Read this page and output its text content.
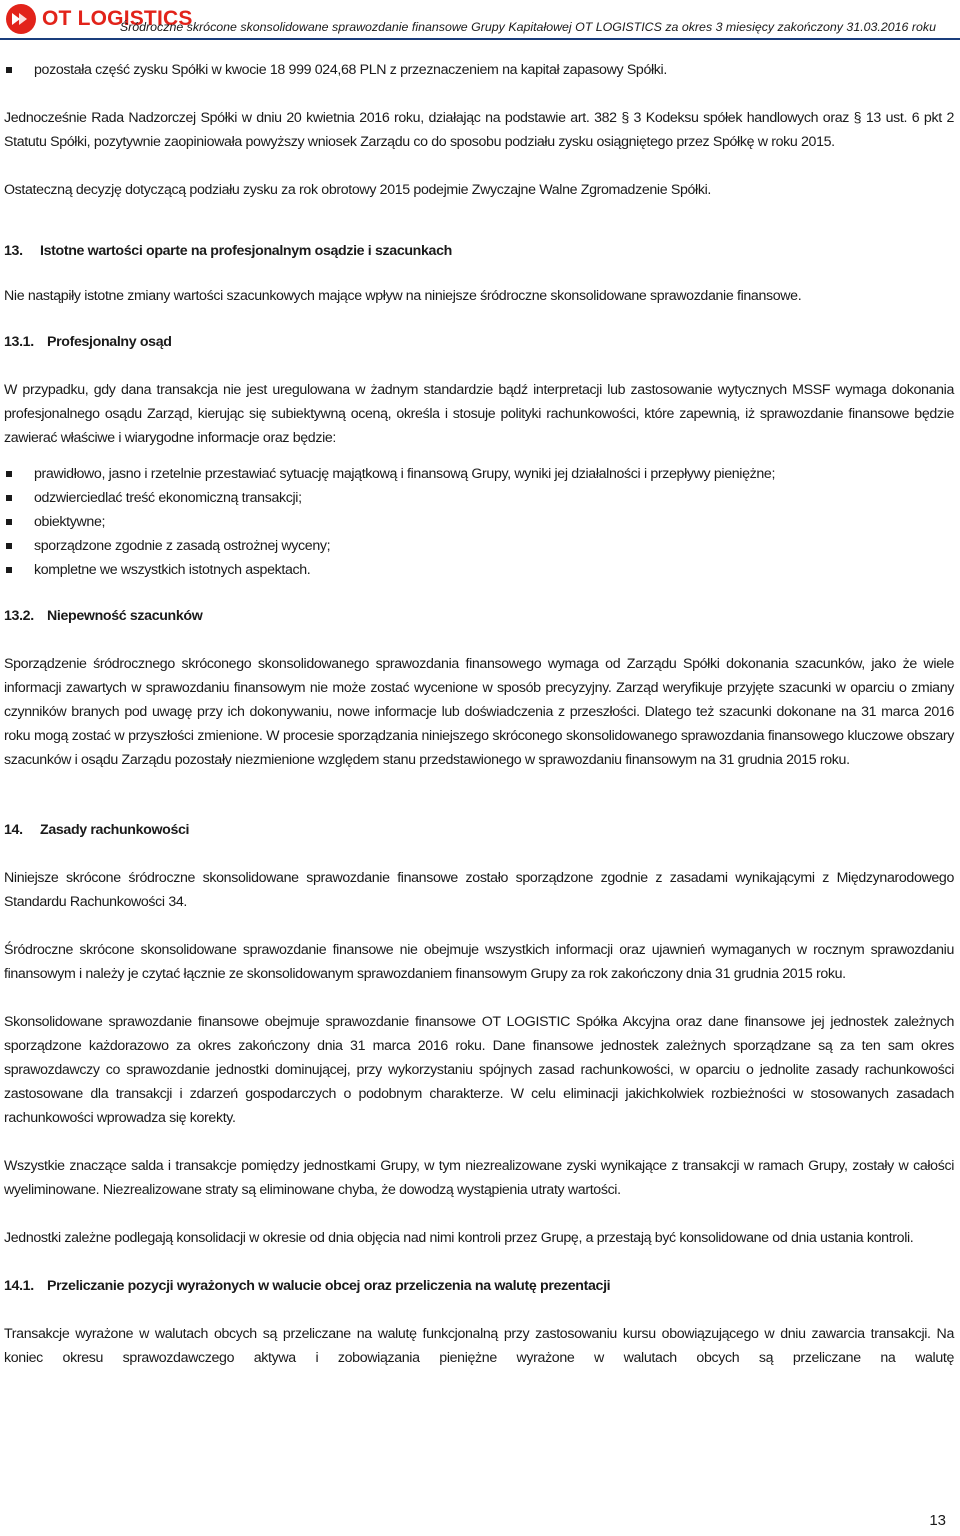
OT LOGISTICS
Śródroczne skrócone skonsolidowane sprawozdanie finansowe Grupy Kapitałowej OT LOGISTICS za okres 3 miesięcy zakończony 31.03.2016 roku
pozostała część zysku Spółki w kwocie 18 999 024,68 PLN z przeznaczeniem na kapitał zapasowy Spółki.

Jednocześnie Rada Nadzorczej Spółki w dniu 20 kwietnia 2016 roku, działając na podstawie art. 382 § 3 Kodeksu spółek handlowych oraz § 13 ust. 6 pkt 2 Statutu Spółki, pozytywnie zaopiniowała powyższy wniosek Zarządu co do sposobu podziału zysku osiągniętego przez Spółkę w roku 2015.

Ostateczną decyzję dotyczącą podziału zysku za rok obrotowy 2015 podejmie Zwyczajne Walne Zgromadzenie Spółki.

13. Istotne wartości oparte na profesjonalnym osądzie i szacunkach

Nie nastąpiły istotne zmiany wartości szacunkowych mające wpływ na niniejsze śródroczne skonsolidowane sprawozdanie finansowe.

13.1. Profesjonalny osąd

W przypadku, gdy dana transakcja nie jest uregulowana w żadnym standardzie bądź interpretacji lub zastosowanie wytycznych MSSF wymaga dokonania profesjonalnego osądu Zarząd, kierując się subiektywną oceną, określa i stosuje polityki rachunkowości, które zapewnią, iż sprawozdanie finansowe będzie zawierać właściwe i wiarygodne informacje oraz będzie:

prawidłowo, jasno i rzetelnie przestawiać sytuację majątkową i finansową Grupy, wyniki jej działalności i przepływy pieniężne;
odzwierciedlać treść ekonomiczną transakcji;
obiektywne;
sporządzone zgodnie z zasadą ostrożnej wyceny;
kompletne we wszystkich istotnych aspektach.

13.2. Niepewność szacunków

Sporządzenie śródrocznego skróconego skonsolidowanego sprawozdania finansowego wymaga od Zarządu Spółki dokonania szacunków, jako że wiele informacji zawartych w sprawozdaniu finansowym nie może zostać wycenione w sposób precyzyjny. Zarząd weryfikuje przyjęte szacunki w oparciu o zmiany czynników branych pod uwagę przy ich dokonywaniu, nowe informacje lub doświadczenia z przeszłości. Dlatego też szacunki dokonane na 31 marca 2016 roku mogą zostać w przyszłości zmienione. W procesie sporządzania niniejszego skróconego skonsolidowanego sprawozdania finansowego kluczowe obszary szacunków i osądu Zarządu pozostały niezmienione względem stanu przedstawionego w sprawozdaniu finansowym na 31 grudnia 2015 roku.

14. Zasady rachunkowości

Niniejsze skrócone śródroczne skonsolidowane sprawozdanie finansowe zostało sporządzone zgodnie z zasadami wynikającymi z Międzynarodowego Standardu Rachunkowości 34.

Śródroczne skrócone skonsolidowane sprawozdanie finansowe nie obejmuje wszystkich informacji oraz ujawnień wymaganych w rocznym sprawozdaniu finansowym i należy je czytać łącznie ze skonsolidowanym sprawozdaniem finansowym Grupy za rok zakończony dnia 31 grudnia 2015 roku.

Skonsolidowane sprawozdanie finansowe obejmuje sprawozdanie finansowe OT LOGISTIC Spółka Akcyjna oraz dane finansowe jej jednostek zależnych sporządzone każdorazowo za okres zakończony dnia 31 marca 2016 roku. Dane finansowe jednostek zależnych sporządzane są za ten sam okres sprawozdawczy co sprawozdanie jednostki dominującej, przy wykorzystaniu spójnych zasad rachunkowości, w oparciu o jednolite zasady rachunkowości zastosowane dla transakcji i zdarzeń gospodarczych o podobnym charakterze. W celu eliminacji jakichkolwiek rozbieżności w stosowanych zasadach rachunkowości wprowadza się korekty.

Wszystkie znaczące salda i transakcje pomiędzy jednostkami Grupy, w tym niezrealizowane zyski wynikające z transakcji w ramach Grupy, zostały w całości wyeliminowane. Niezrealizowane straty są eliminowane chyba, że dowodzą wystąpienia utraty wartości.

Jednostki zależne podlegają konsolidacji w okresie od dnia objęcia nad nimi kontroli przez Grupę, a przestają być konsolidowane od dnia ustania kontroli.

14.1. Przeliczanie pozycji wyrażonych w walucie obcej oraz przeliczenia na walutę prezentacji

Transakcje wyrażone w walutach obcych są przeliczane na walutę funkcjonalną przy zastosowaniu kursu obowiązującego w dniu zawarcia transakcji. Na koniec okresu sprawozdawczego aktywa i zobowiązania pieniężne wyrażone w walutach obcych są przeliczane na walutę

13
